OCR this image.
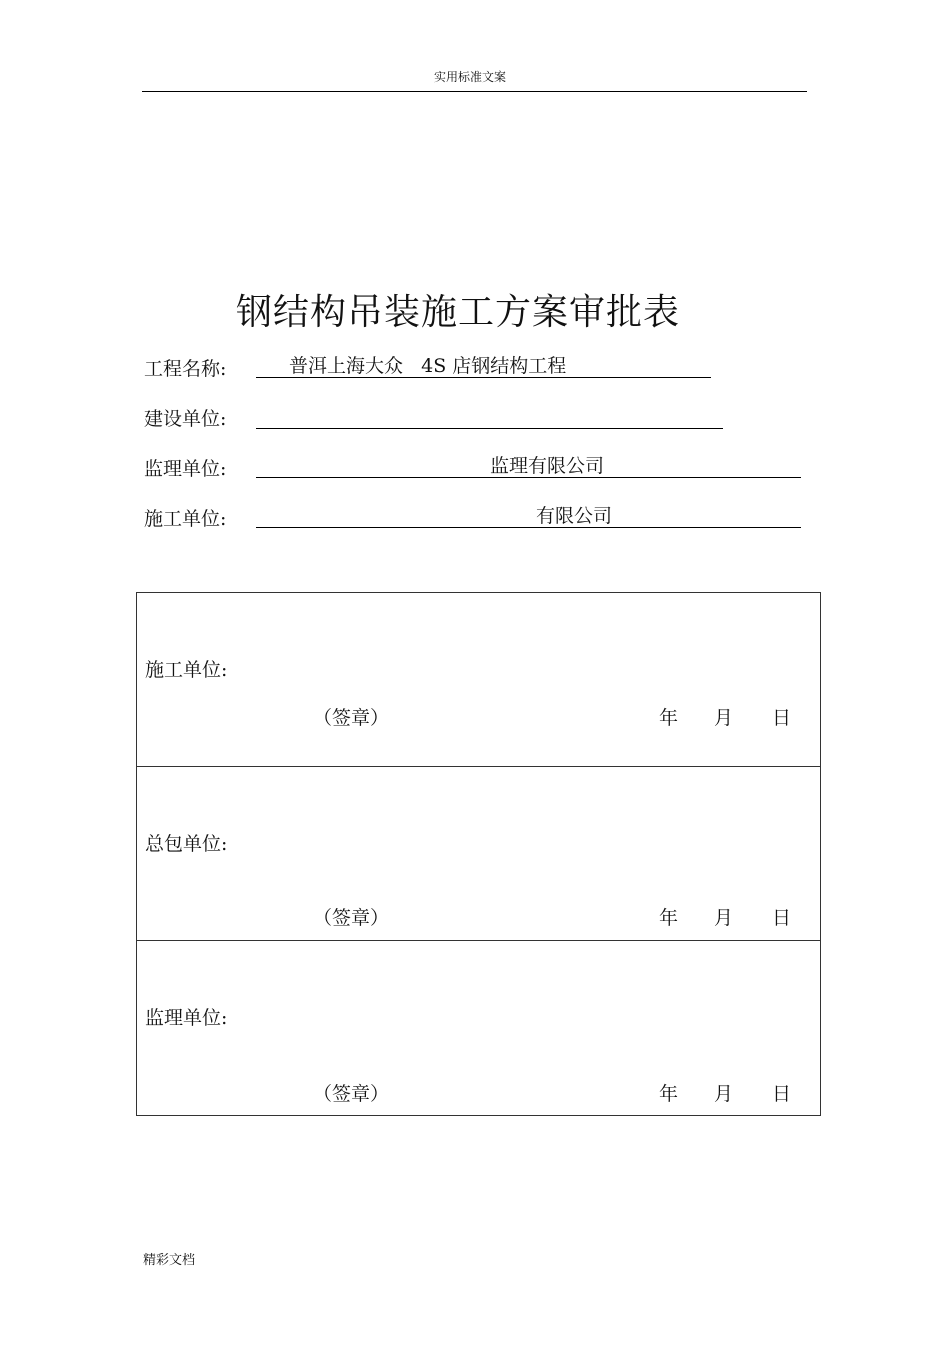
实用标准文案
钢结构吊装施工方案审批表
工程名称:	普洱上海大众   4S 店钢结构工程
建设单位:
监理单位:	监理有限公司
施工单位:	有限公司
施工单位:
（签章）	年 月 日
总包单位:
（签章）	年 月 日
监理单位:
（签章）	年 月 日
精彩文档
